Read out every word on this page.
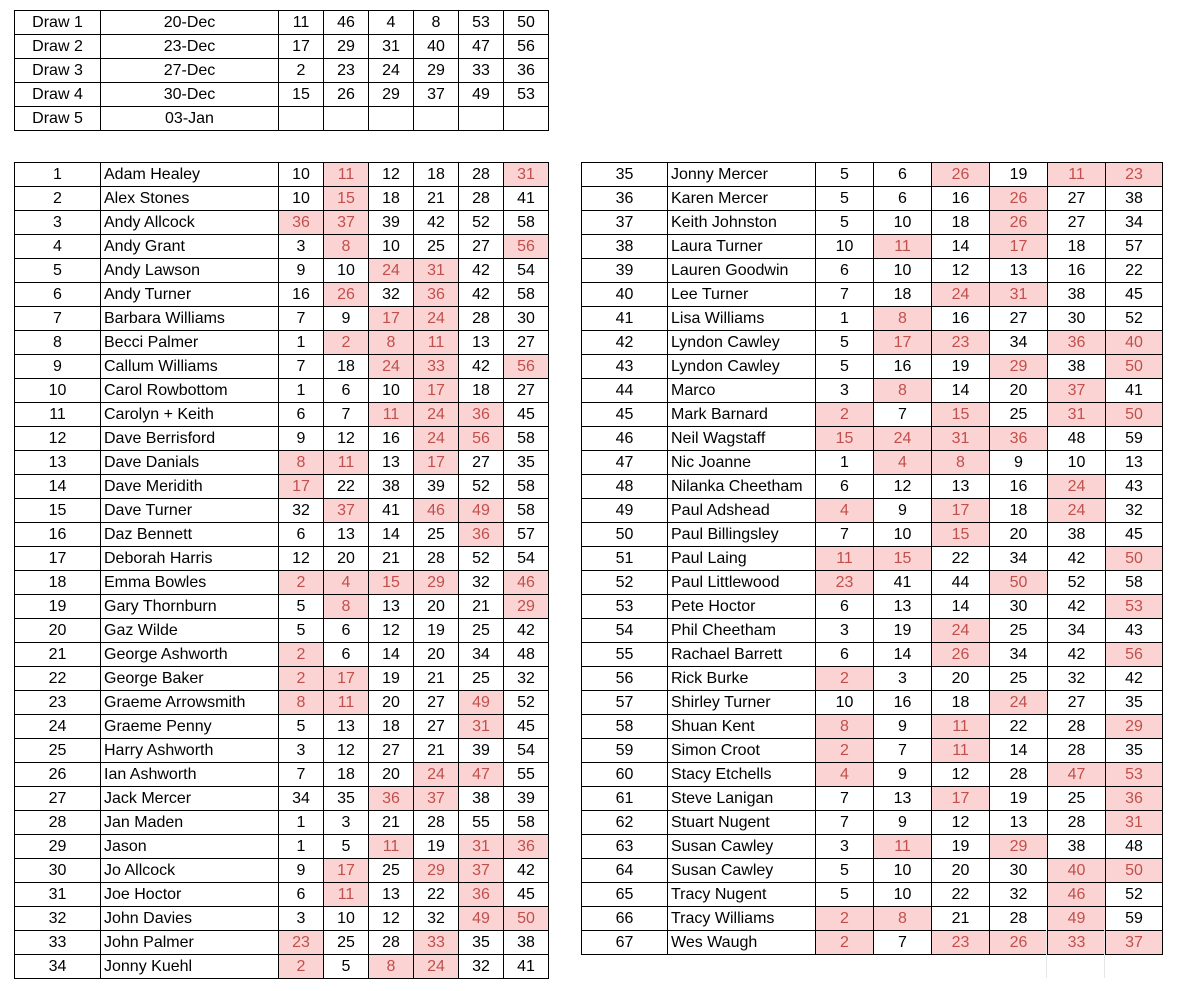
Draw 1	20-Dec	11	46	4	8	53	50
Draw 2	23-Dec	17	29	31	40	47	56
Draw 3	27-Dec	2	23	24	29	33	36
Draw 4	30-Dec	15	26	29	37	49	53
Draw 5	03-Jan						
1	Adam Healey	10	11	12	18	28	31
2	Alex Stones	10	15	18	21	28	41
3	Andy Allcock	36	37	39	42	52	58
4	Andy Grant	3	8	10	25	27	56
5	Andy Lawson	9	10	24	31	42	54
6	Andy Turner	16	26	32	36	42	58
7	Barbara Williams	7	9	17	24	28	30
8	Becci Palmer	1	2	8	11	13	27
9	Callum Williams	7	18	24	33	42	56
10	Carol Rowbottom	1	6	10	17	18	27
11	Carolyn + Keith	6	7	11	24	36	45
12	Dave Berrisford	9	12	16	24	56	58
13	Dave Danials	8	11	13	17	27	35
14	Dave Meridith	17	22	38	39	52	58
15	Dave Turner	32	37	41	46	49	58
16	Daz Bennett	6	13	14	25	36	57
17	Deborah Harris	12	20	21	28	52	54
18	Emma Bowles	2	4	15	29	32	46
19	Gary Thornburn	5	8	13	20	21	29
20	Gaz Wilde	5	6	12	19	25	42
21	George Ashworth	2	6	14	20	34	48
22	George Baker	2	17	19	21	25	32
23	Graeme Arrowsmith	8	11	20	27	49	52
24	Graeme Penny	5	13	18	27	31	45
25	Harry Ashworth	3	12	27	21	39	54
26	Ian Ashworth	7	18	20	24	47	55
27	Jack Mercer	34	35	36	37	38	39
28	Jan Maden	1	3	21	28	55	58
29	Jason	1	5	11	19	31	36
30	Jo Allcock	9	17	25	29	37	42
31	Joe Hoctor	6	11	13	22	36	45
32	John Davies	3	10	12	32	49	50
33	John Palmer	23	25	28	33	35	38
34	Jonny Kuehl	2	5	8	24	32	41
35	Jonny Mercer	5	6	26	19	11	23
36	Karen Mercer	5	6	16	26	27	38
37	Keith Johnston	5	10	18	26	27	34
38	Laura Turner	10	11	14	17	18	57
39	Lauren Goodwin	6	10	12	13	16	22
40	Lee Turner	7	18	24	31	38	45
41	Lisa Williams	1	8	16	27	30	52
42	Lyndon Cawley	5	17	23	34	36	40
43	Lyndon Cawley	5	16	19	29	38	50
44	Marco	3	8	14	20	37	41
45	Mark Barnard	2	7	15	25	31	50
46	Neil Wagstaff	15	24	31	36	48	59
47	Nic Joanne	1	4	8	9	10	13
48	Nilanka Cheetham	6	12	13	16	24	43
49	Paul Adshead	4	9	17	18	24	32
50	Paul Billingsley	7	10	15	20	38	45
51	Paul Laing	11	15	22	34	42	50
52	Paul Littlewood	23	41	44	50	52	58
53	Pete Hoctor	6	13	14	30	42	53
54	Phil Cheetham	3	19	24	25	34	43
55	Rachael Barrett	6	14	26	34	42	56
56	Rick Burke	2	3	20	25	32	42
57	Shirley Turner	10	16	18	24	27	35
58	Shuan Kent	8	9	11	22	28	29
59	Simon Croot	2	7	11	14	28	35
60	Stacy Etchells	4	9	12	28	47	53
61	Steve Lanigan	7	13	17	19	25	36
62	Stuart Nugent	7	9	12	13	28	31
63	Susan Cawley	3	11	19	29	38	48
64	Susan Cawley	5	10	20	30	40	50
65	Tracy Nugent	5	10	22	32	46	52
66	Tracy Williams	2	8	21	28	49	59
67	Wes Waugh	2	7	23	26	33	37
